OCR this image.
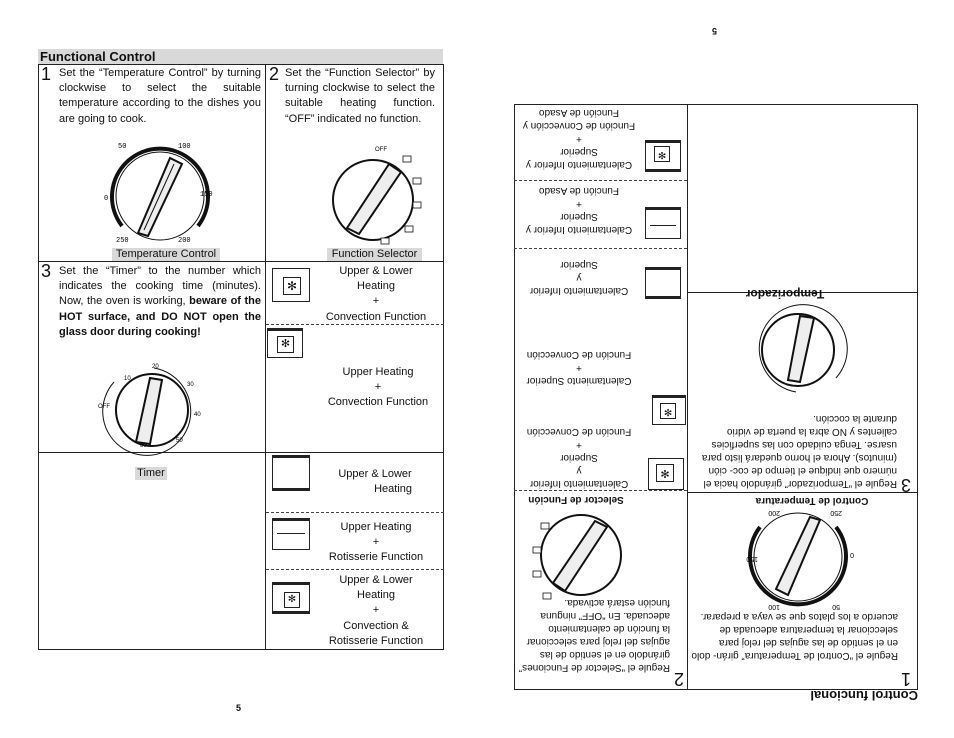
Functional Control
1 Set the “Temperature Control” by turning clockwise to select the suitable temperature according to the dishes you are going to cook.
50	100
150
0
250	200
Temperature Control
2 Set the “Function Selector” by turning clockwise to select the suitable heating function. “OFF” indicated no function.
OFF
Function Selector
3 Set the “Timer” to the number which indicates the cooking time (minutes). Now, the oven is working, beware of the HOT surface, and DO NOT open the glass door during cooking!
20
30
40
50
60
10
OFF
Timer
✻
Upper & Lower
Heating
+
Convection Function
✻
Upper Heating
+
Convection Function
Upper & Lower
Heating
Upper Heating
+
Rotisserie Function
✻
Upper & Lower
Heating
+
Convection &
Rotisserie Function
5
5
Control funcional
1
Regule el “Control de Temperatura” girán- dolo en el sentido de las agujas del reloj para seleccionar la temperatura adecuada de acuerdo a los platos que se vaya a preparar.
50
100
150
0
250
200
Control de Temperatura
2
Regule el “Selector de Funciones” girándolo en el sentido de las agujas del reloj para seleccionar la función de calentamiento adecuada. En “OFF” ninguna función estará activada.
Selector de Función
3
Regule el “Temporizador” girándolo hacia el número que indique el tiempo de coc- ción (minutos). Ahora el horno quedará listo para usarse. Tenga cuidado con las superficies calientes y NO abra la puerta de vidrio durante la cocción.
Temporizador
✻
Calentamiento Inferior
y
Superior
+
Función de Convección
✻
Calentamiento Superior
+
Función de Convección
Calentamiento Inferior
y
Superior
Calentamiento Inferior y
Superior
+
Función de Asado
✻
Calentamiento Inferior y
Superior
+
Función de Convección y
Función de Asado
